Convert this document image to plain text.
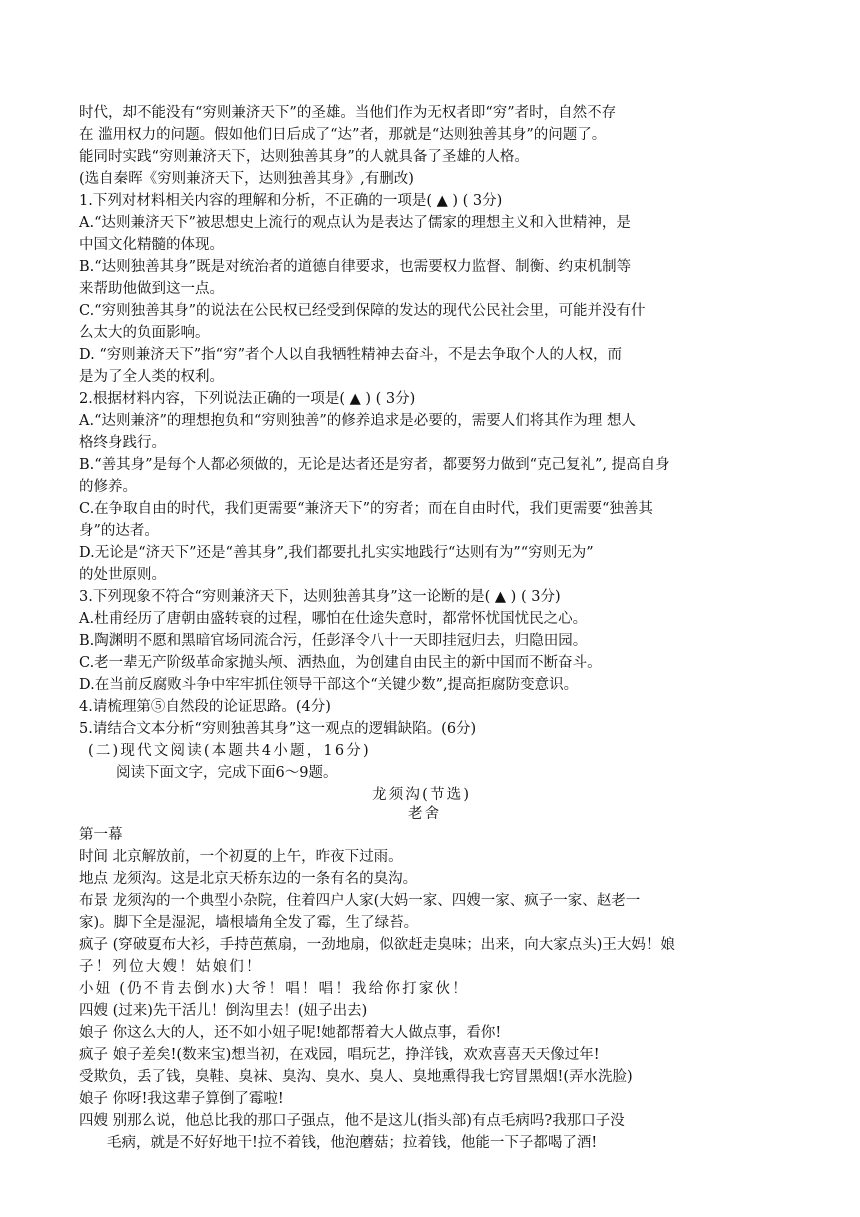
时代，却不能没有“穷则兼济天下”的圣雄。当他们作为无权者即“穷”者时，自然不存
在 滥用权力的问题。假如他们日后成了“达”者，那就是“达则独善其身”的问题了。
能同时实践“穷则兼济天下，达则独善其身”的人就具备了圣雄的人格。
(选自秦晖《穷则兼济天下，达则独善其身》,有删改)
1.下列对材料相关内容的理解和分析，不正确的一项是( ▲ ) ( 3分)
A.“达则兼济天下”被思想史上流行的观点认为是表达了儒家的理想主义和入世精神，是
中国文化精髓的体现。
B.“达则独善其身”既是对统治者的道德自律要求，也需要权力监督、制衡、约束机制等
来帮助他做到这一点。
C.“穷则独善其身”的说法在公民权已经受到保障的发达的现代公民社会里，可能并没有什
么太大的负面影响。
D. “穷则兼济天下”指“穷”者个人以自我牺牲精神去奋斗，不是去争取个人的人权，而
是为了全人类的权利。
2.根据材料内容，下列说法正确的一项是( ▲ ) ( 3分)
A.“达则兼济”的理想抱负和“穷则独善”的修养追求是必要的，需要人们将其作为理 想人
格终身践行。
B.“善其身”是每个人都必须做的，无论是达者还是穷者，都要努力做到“克己复礼”, 提高自身
的修养。
C.在争取自由的时代，我们更需要“兼济天下”的穷者；而在自由时代，我们更需要“独善其
身”的达者。
D.无论是“济天下”还是“善其身”,我们都要扎扎实实地践行“达则有为”“穷则无为”
的处世原则。
3.下列现象不符合“穷则兼济天下，达则独善其身”这一论断的是( ▲ ) ( 3分)
A.杜甫经历了唐朝由盛转衰的过程，哪怕在仕途失意时，都常怀忧国忧民之心。
B.陶渊明不愿和黑暗官场同流合污，任彭泽令八十一天即挂冠归去，归隐田园。
C.老一辈无产阶级革命家抛头颅、洒热血，为创建自由民主的新中国而不断奋斗。
D.在当前反腐败斗争中牢牢抓住领导干部这个“关键少数”,提高拒腐防变意识。
4.请梳理第⑤自然段的论证思路。(4分)
5.请结合文本分析“穷则独善其身”这一观点的逻辑缺陷。(6分)
(二)现代文阅读(本题共4小题，16分)
阅读下面文字，完成下面6～9题。
龙须沟(节选)
老舍
第一幕
时间 北京解放前，一个初夏的上午，昨夜下过雨。
地点 龙须沟。这是北京天桥东边的一条有名的臭沟。
布景 龙须沟的一个典型小杂院，住着四户人家(大妈一家、四嫂一家、疯子一家、赵老一
家)。脚下全是湿泥，墙根墙角全发了霉，生了绿苔。
疯子 (穿破夏布大衫，手持芭蕉扇，一劲地扇，似欲赶走臭味；出来，向大家点头)王大妈！娘
子！列位大嫂！姑娘们！
小妞 (仍不肯去倒水)大爷！唱！唱！我给你打家伙！
四嫂 (过来)先干活儿！倒沟里去！(妞子出去)
娘子 你这么大的人，还不如小妞子呢!她都帮着大人做点事，看你!
疯子 娘子差矣!(数来宝)想当初，在戏园，唱玩艺，挣洋钱，欢欢喜喜天天像过年!
受欺负，丢了钱，臭鞋、臭袜、臭沟、臭水、臭人、臭地熏得我七窍冒黑烟!(弄水洗脸)
娘子 你呀!我这辈子算倒了霉啦!
四嫂 别那么说，他总比我的那口子强点，他不是这儿(指头部)有点毛病吗?我那口子没
毛病，就是不好好地干!拉不着钱，他泡蘑菇；拉着钱，他能一下子都喝了酒!
